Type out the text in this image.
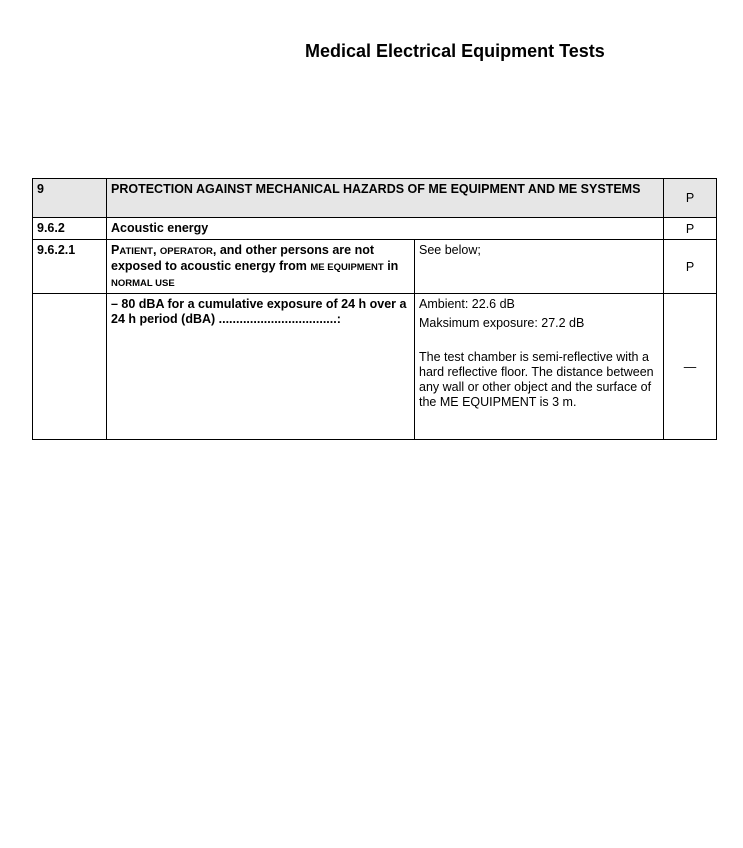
Medical Electrical Equipment Tests
9	PROTECTION AGAINST MECHANICAL HAZARDS OF ME EQUIPMENT AND ME SYSTEMS		P
9.6.2	Acoustic energy		P
9.6.2.1	PATIENT, OPERATOR, and other persons are not exposed to acoustic energy from ME EQUIPMENT in NORMAL USE	See below;	P
	– 80 dBA for a cumulative exposure of 24 h over a 24 h period (dBA) ..................................:	Ambient: 22.6 dB
Maksimum exposure: 27.2 dB
The test chamber is semi-reflective with a hard reflective floor. The distance between any wall or other object and the surface of the ME EQUIPMENT is 3 m.	—
